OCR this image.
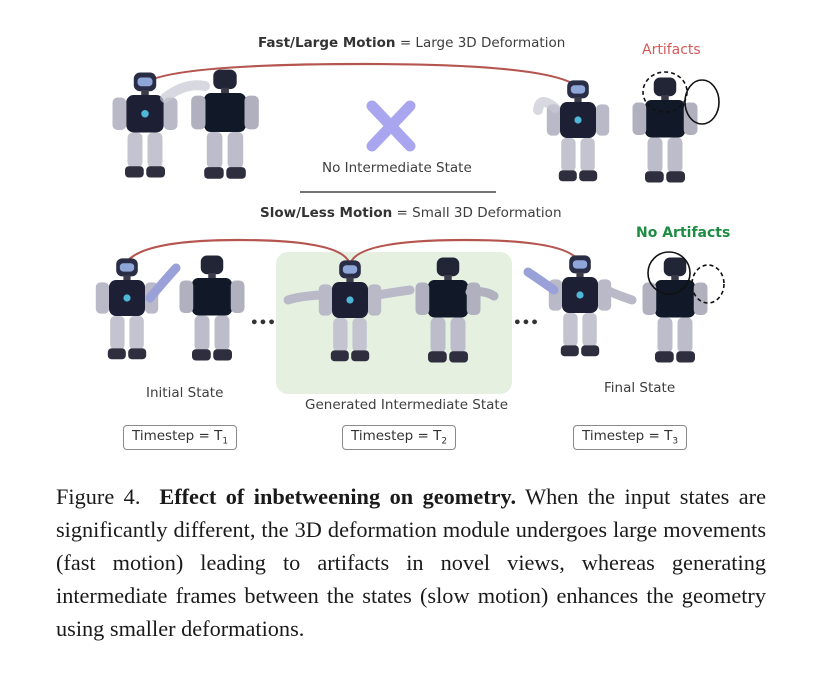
Fast/Large Motion = Large 3D Deformation	Artifacts
No Intermediate State
Slow/Less Motion = Small 3D Deformation
No Artifacts
•••	•••
Initial State
Generated Intermediate State
Final State
Timestep = $T_1$	Timestep = $T_2$	Timestep = $T_3$
Figure 4. Effect of inbetweening on geometry. When the input states are significantly different, the 3D deformation module undergoes large movements (fast motion) leading to artifacts in novel views, whereas generating intermediate frames between the states (slow motion) enhances the geometry using smaller deformations.
